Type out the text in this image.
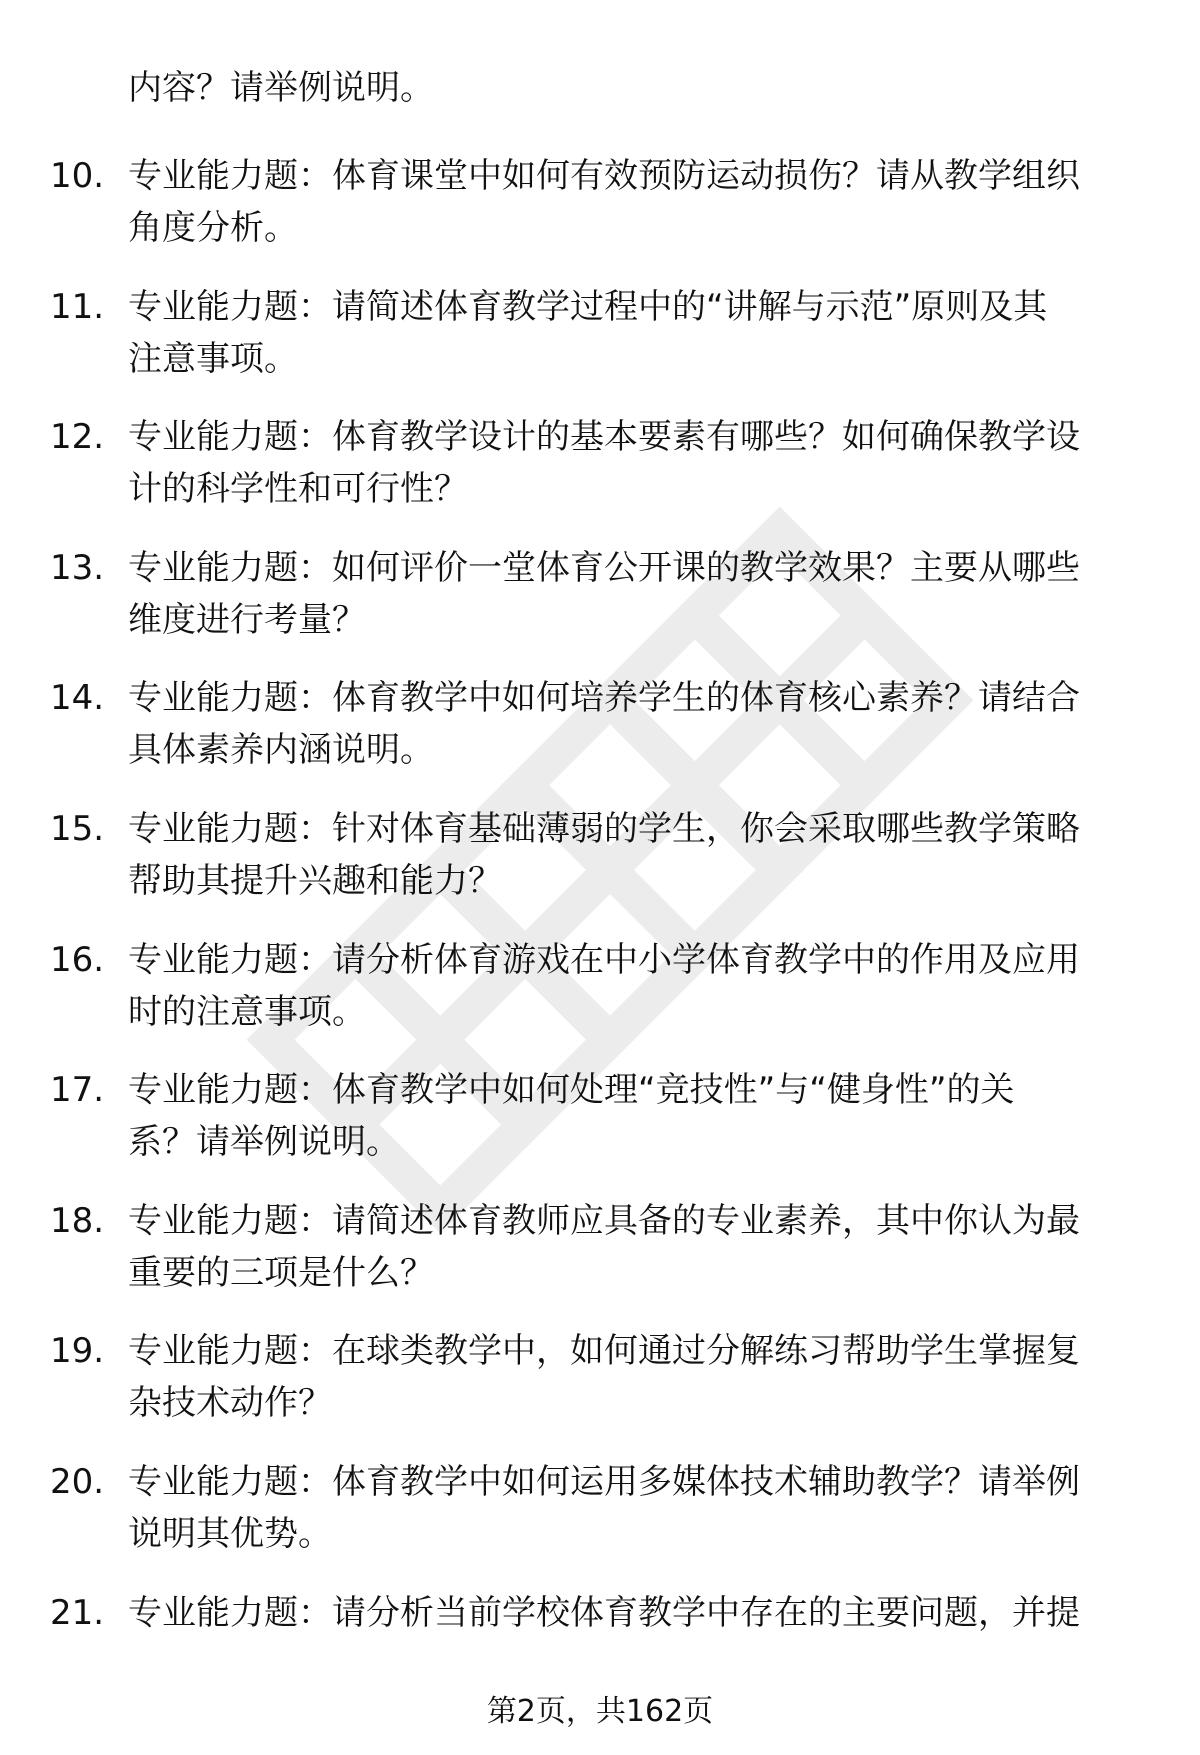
内容？请举例说明。
10. 专业能力题：体育课堂中如何有效预防运动损伤？请从教学组织
角度分析。
11. 专业能力题：请简述体育教学过程中的“讲解与示范”原则及其
注意事项。
12. 专业能力题：体育教学设计的基本要素有哪些？如何确保教学设
计的科学性和可行性？
13. 专业能力题：如何评价一堂体育公开课的教学效果？主要从哪些
维度进行考量？
14. 专业能力题：体育教学中如何培养学生的体育核心素养？请结合
具体素养内涵说明。
15. 专业能力题：针对体育基础薄弱的学生，你会采取哪些教学策略
帮助其提升兴趣和能力？
16. 专业能力题：请分析体育游戏在中小学体育教学中的作用及应用
时的注意事项。
17. 专业能力题：体育教学中如何处理“竞技性”与“健身性”的关
系？请举例说明。
18. 专业能力题：请简述体育教师应具备的专业素养，其中你认为最
重要的三项是什么？
19. 专业能力题：在球类教学中，如何通过分解练习帮助学生掌握复
杂技术动作？
20. 专业能力题：体育教学中如何运用多媒体技术辅助教学？请举例
说明其优势。
21. 专业能力题：请分析当前学校体育教学中存在的主要问题，并提
第2页，共162页
